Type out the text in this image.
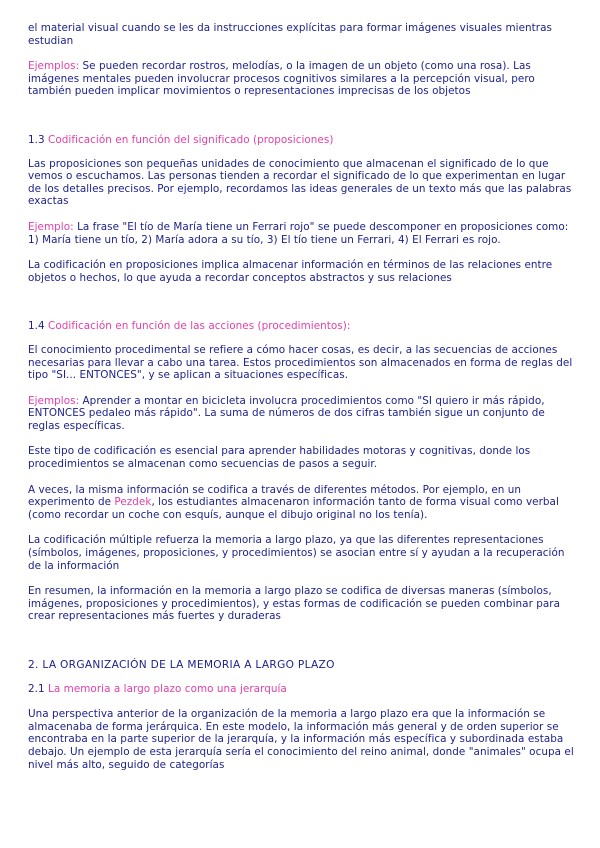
el material visual cuando se les da instrucciones explícitas para formar imágenes visuales mientras estudian

Ejemplos: Se pueden recordar rostros, melodías, o la imagen de un objeto (como una rosa). Las imágenes mentales pueden involucrar procesos cognitivos similares a la percepción visual, pero también pueden implicar movimientos o representaciones imprecisas de los objetos

1.3 Codificación en función del significado (proposiciones)

Las proposiciones son pequeñas unidades de conocimiento que almacenan el significado de lo que vemos o escuchamos. Las personas tienden a recordar el significado de lo que experimentan en lugar de los detalles precisos. Por ejemplo, recordamos las ideas generales de un texto más que las palabras exactas

Ejemplo: La frase "El tío de María tiene un Ferrari rojo" se puede descomponer en proposiciones como: 1) María tiene un tío, 2) María adora a su tío, 3) El tío tiene un Ferrari, 4) El Ferrari es rojo.

La codificación en proposiciones implica almacenar información en términos de las relaciones entre objetos o hechos, lo que ayuda a recordar conceptos abstractos y sus relaciones

1.4 Codificación en función de las acciones (procedimientos):

El conocimiento procedimental se refiere a cómo hacer cosas, es decir, a las secuencias de acciones necesarias para llevar a cabo una tarea. Estos procedimientos son almacenados en forma de reglas del tipo "SI... ENTONCES", y se aplican a situaciones específicas.

Ejemplos: Aprender a montar en bicicleta involucra procedimientos como "SI quiero ir más rápido, ENTONCES pedaleo más rápido". La suma de números de dos cifras también sigue un conjunto de reglas específicas.

Este tipo de codificación es esencial para aprender habilidades motoras y cognitivas, donde los procedimientos se almacenan como secuencias de pasos a seguir.

A veces, la misma información se codifica a través de diferentes métodos. Por ejemplo, en un experimento de Pezdek, los estudiantes almacenaron información tanto de forma visual como verbal (como recordar un coche con esquís, aunque el dibujo original no los tenía).

La codificación múltiple refuerza la memoria a largo plazo, ya que las diferentes representaciones (símbolos, imágenes, proposiciones, y procedimientos) se asocian entre sí y ayudan a la recuperación de la información

En resumen, la información en la memoria a largo plazo se codifica de diversas maneras (símbolos, imágenes, proposiciones y procedimientos), y estas formas de codificación se pueden combinar para crear representaciones más fuertes y duraderas

2. LA ORGANIZACIÓN DE LA MEMORIA A LARGO PLAZO

2.1 La memoria a largo plazo como una jerarquía

Una perspectiva anterior de la organización de la memoria a largo plazo era que la información se almacenaba de forma jerárquica. En este modelo, la información más general y de orden superior se encontraba en la parte superior de la jerarquía, y la información más específica y subordinada estaba debajo. Un ejemplo de esta jerarquía sería el conocimiento del reino animal, donde "animales" ocupa el nivel más alto, seguido de categorías
